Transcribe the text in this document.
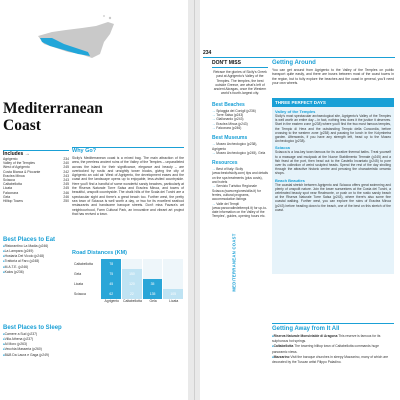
Mediterranean Coast
Includes →
Agrigento	234
Valley of the Temples	240
West of Agrigento	245
Costa Bianca & Piccante	242
Eraclea Minoa	243
Sciacca	243
Caltabellotta	245
Licata	245
Falconara	246
Gela	246
Hilltop Towns	250
Best Places to Eat
■ Ristorantino La Madia (p246)
■ La Lampara (p249)
■ Hostaria Del Vicolo (p248)
■ Trattoria al Faro (p248)
■ M.A.T.E. (p246)
■ Kalos (p236)
Best Places to Sleep
■ Camere a Sud (p237)
■ Villa Athena (p237)
■ Al Moro (p263)
■ Vecchia Masseria (p260)
■ B&B Da Laura e Gaga (p249)
Why Go?
Sicily's Mediterranean coast is a mixed bag. The main attraction of the area, the peerless ancient ruins of the Valley of the Temples – unparalleled across the island for their significance, elegance and beauty – are overlooked by rustic and unsightly tower blocks, giving the city of Agrigento an odd air. West of Agrigento, the development eases and the coast and the landscape opens up to enjoyable, less-visited countryside. Here you'll find a handful of some wonderful sandy beaches, particularly at the Riserva Naturale Torre Salsa and Eraclea Minoa, and towns of beautiful, unspoilt countryside. The chalk hills of the Scala dei Turchi are a spectacular sight and there's a great beach too. Further west, the pretty sea town of Sciacca is well worth a day, or two for its excellent seafood restaurants and handsome baroque streets. Don't miss Favara's art neighbourhood, Farm Cultural Park, an innovative and vibrant art project that has revived a town.
Road Distances (KM)
Caltabellotta	78
Gela	75	150
Licata	45	120	35
Sciacca	62	22	135	105
Agrigento	Caltabellotta	Gela	Licata
234
DON'T MISS
Retrace the glories of Sicily's Greek past at Agrigento's Valley of the Temples. The temples, the best outside Greece, are what's left of ancient Akragas, once the Western world's fourth-largest city.
Best Beaches
→ Spiaggia dei Conigli (p236)
→ Torre Salsa (p243)
→ Giallonardo (p243)
→ Eraclea Minoa (p243)
→ Falconara (p246)
Best Museums
→ Museo Archeologico (p238), Agrigento
→ Museo Archeologico (p245), Gela
Resources
→ Best of Italy: Sicily (www.bestofsicily.com) tips and details on the spa treatments (plus costs), and hotels
→ Servizio Turistico Regionale Sciacca (www.regionesicilia.it) for ferries, cultural programs, accommodation listings
→ Valle dei Templi (www.parcovalledeitempli.it) for up-to-date information on the Valley of the Temples', guides, opening hours etc.
MEDITERRANEAN COAST
Getting Around
You can get around from Agrigento to the Valley of the Temples on public transport quite easily, and there are buses between most of the coast towns in the region, but to fully explore the beaches and the coast in general, you'll need your own wheels.
THREE PERFECT DAYS
Valley of the Temples
Sicily's most spectacular archaeological site, Agrigento's Valley of the Temples is well worth an entire day – in fact, nothing less does it the justice it deserves. Start in the eastern zone (p238) where you'll find the two most famous temples, the Tempio di Hera and the outstanding Tempio della Concordia, before crossing to the western zone (p238) and pausing for lunch in the Kolymbetra garden. Afterwards, if you have any strength left, head up to the Museo Archeologico (p238).
Sciacca
Sciacca is a low-key town famous for its curative thermal baths. Treat yourself to a massage and mudpack at the Nuove Stabilimento Termale (p245) and a fish feast at the port, then head out to the Castello Incantato (p245) to pore over its collection of weird sculpted heads. Spend the rest of the day strolling through the attractive historic centre and perusing the characteristic ceramic shops.
Beach Beauties
The coastal stretch between Agrigento and Sciacca offers great swimming and plenty of unspoilt nature. Join the lower sunseekers at the Costa dei Turchi, a celebrated beauty spot near Realmonte, or push on to the rustic sandy beach at the Riserva Naturale Torre Salsa (p243), where there's also some fine coastal walking. Further west, you can explore the ruins of Eraclea Minoa (p243) before heading down to the beach, one of the best on this stretch of the coast.
Getting Away from It All
■ Riserva Naturale Monsivialde di Aragona This reserve is famous for its sulphurous hot springs.
■ Caltabellotta The towering hilltop town of Caltabellotta commands huge panoramic views.
■ Mazzarino Visit the baroque churches in sleepy Mazzarino, many of which are decorated by the Tuscan artist Filippo Paladino.
